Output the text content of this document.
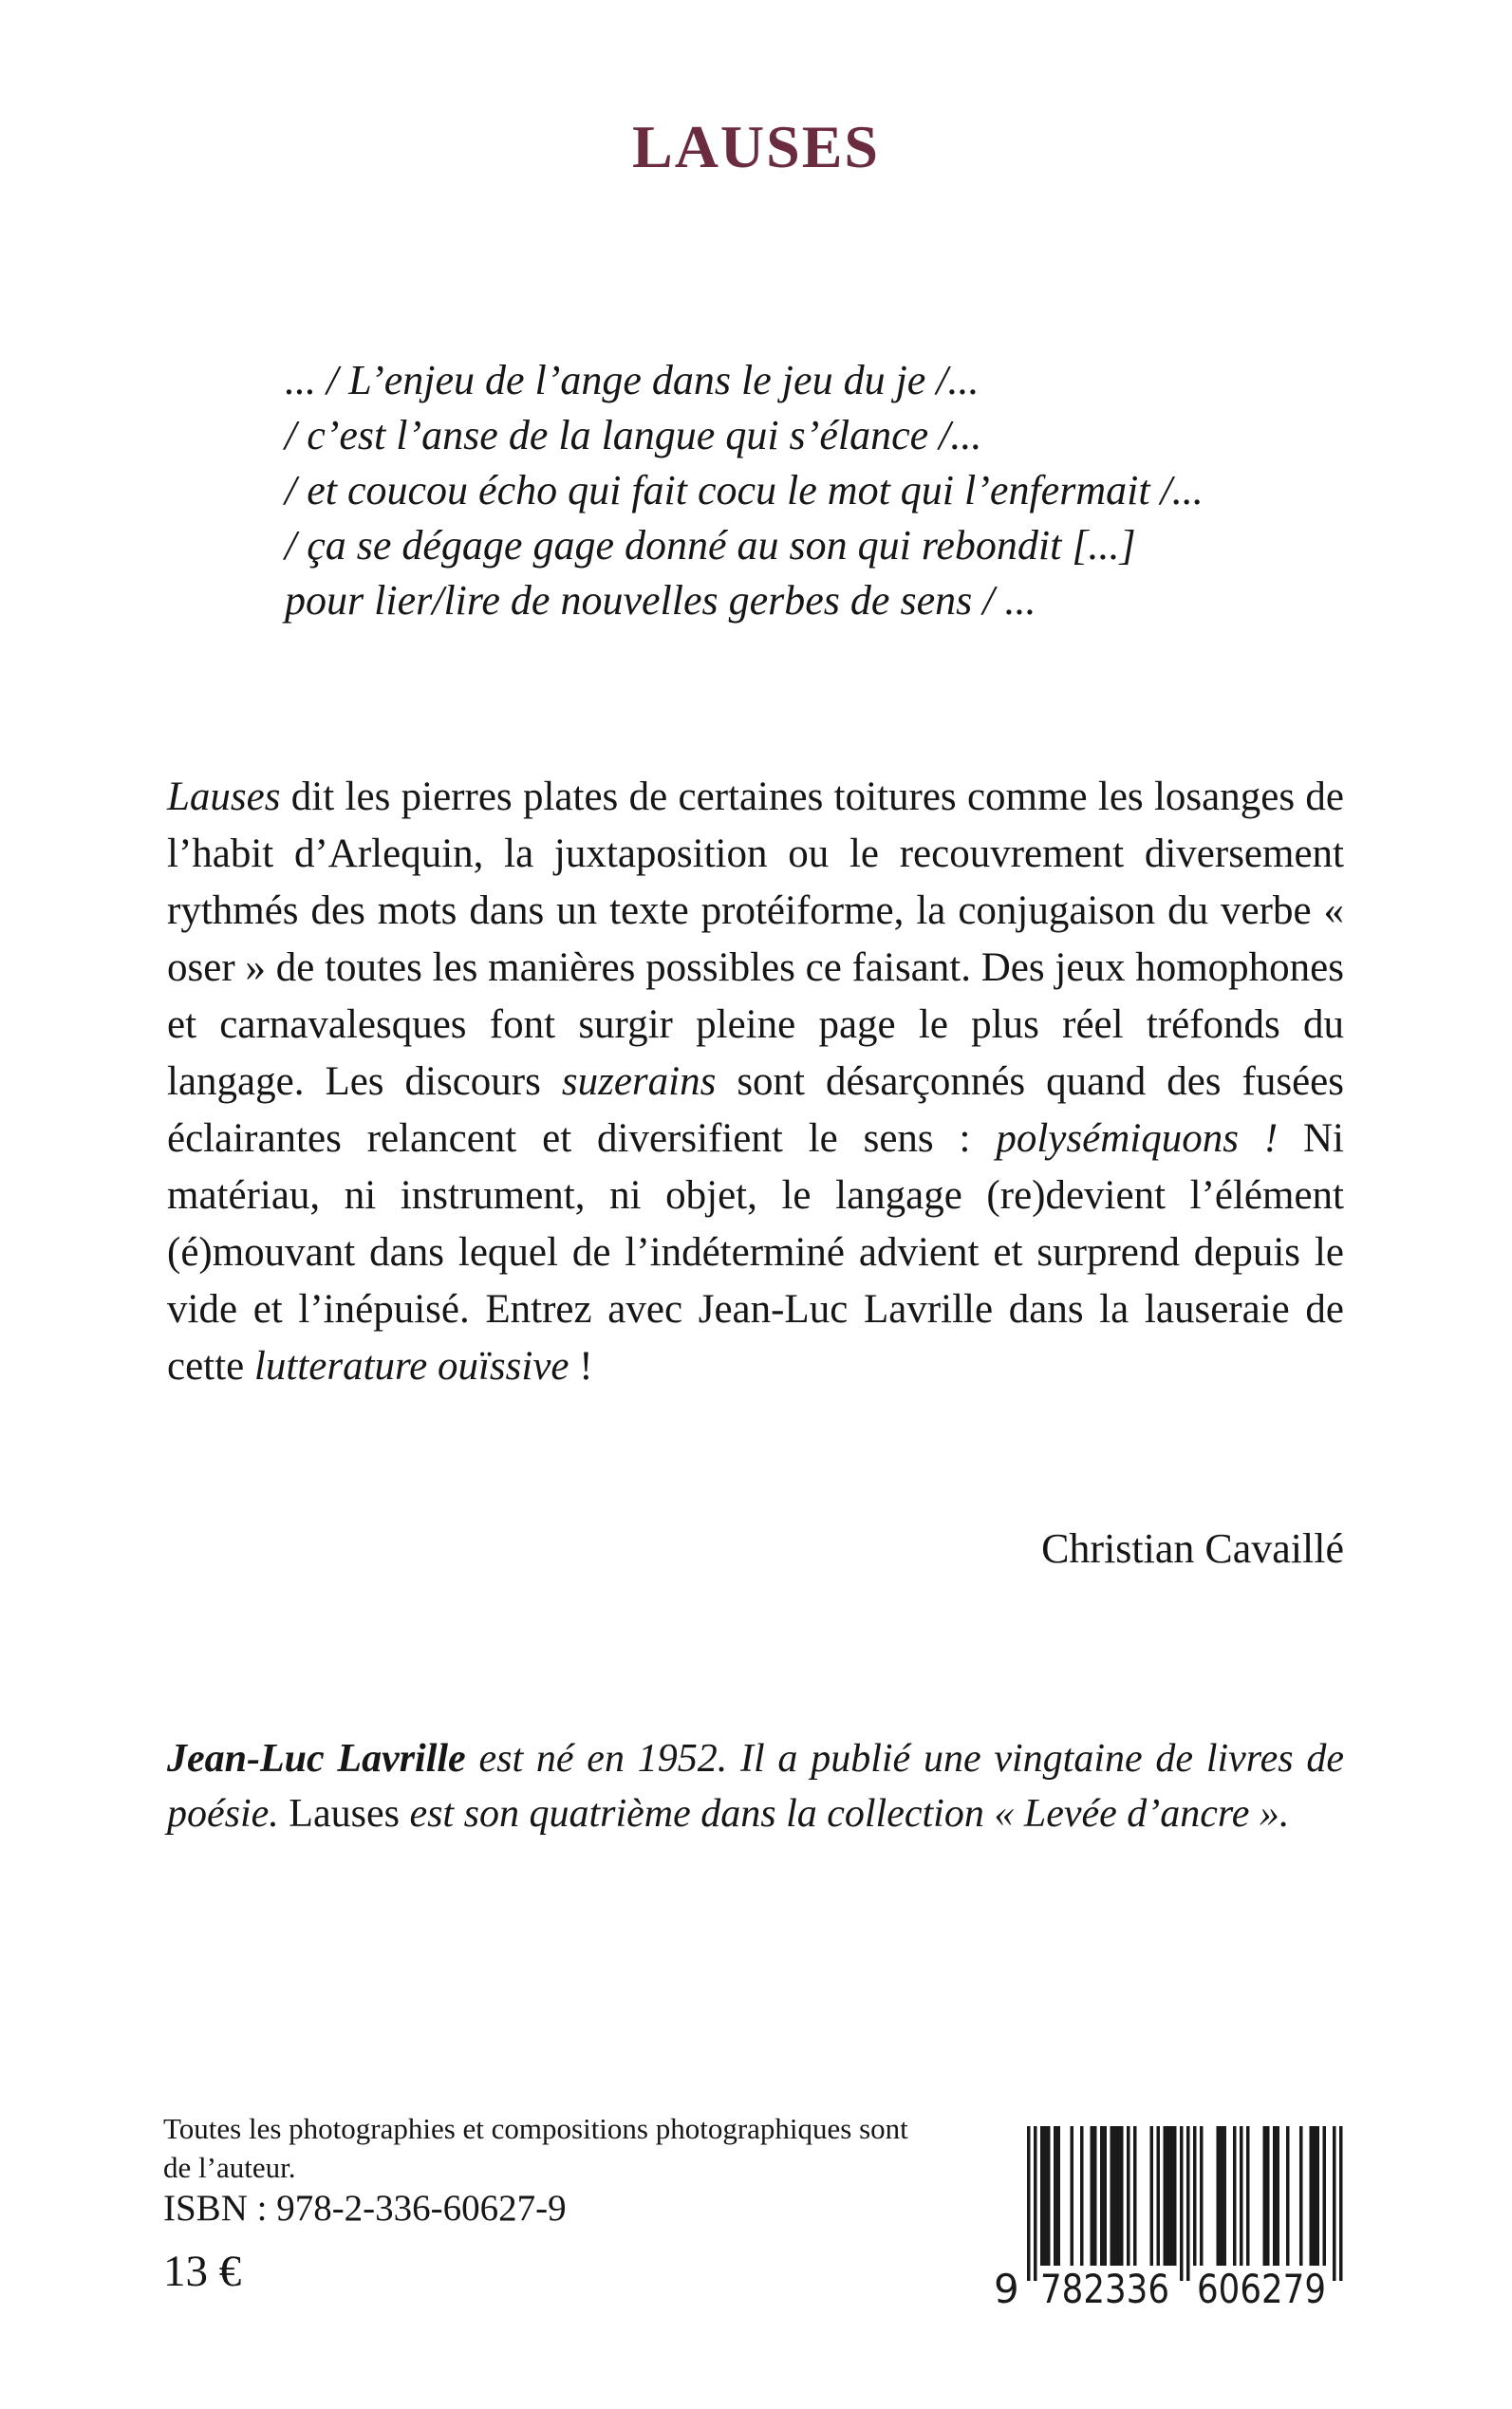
LAUSES
... / L’enjeu de l’ange dans le jeu du je /...
/ c’est l’anse de la langue qui s’élance /...
/ et coucou écho qui fait cocu le mot qui l’enfermait /...
/ ça se dégage gage donné au son qui rebondit [...]
pour lier/lire de nouvelles gerbes de sens / ...

Lauses dit les pierres plates de certaines toitures comme les losanges de l’habit d’Arlequin, la juxtaposition ou le recouvrement diversement rythmés des mots dans un texte protéiforme, la conjugaison du verbe « oser » de toutes les manières possibles ce faisant. Des jeux homophones et carnavalesques font surgir pleine page le plus réel tréfonds du langage. Les discours suzerains sont désarçonnés quand des fusées éclairantes relancent et diversifient le sens : polysémiquons ! Ni matériau, ni instrument, ni objet, le langage (re)devient l’élément (é)mouvant dans lequel de l’indéterminé advient et surprend depuis le vide et l’inépuisé. Entrez avec Jean-Luc Lavrille dans la lauseraie de cette lutterature ouïssive !

Christian Cavaillé

Jean-Luc Lavrille est né en 1952. Il a publié une vingtaine de livres de poésie. Lauses est son quatrième dans la collection « Levée d’ancre ».

Toutes les photographies et compositions photographiques sont de l’auteur.
ISBN : 978-2-336-60627-9
13 €	9 782336 606279
